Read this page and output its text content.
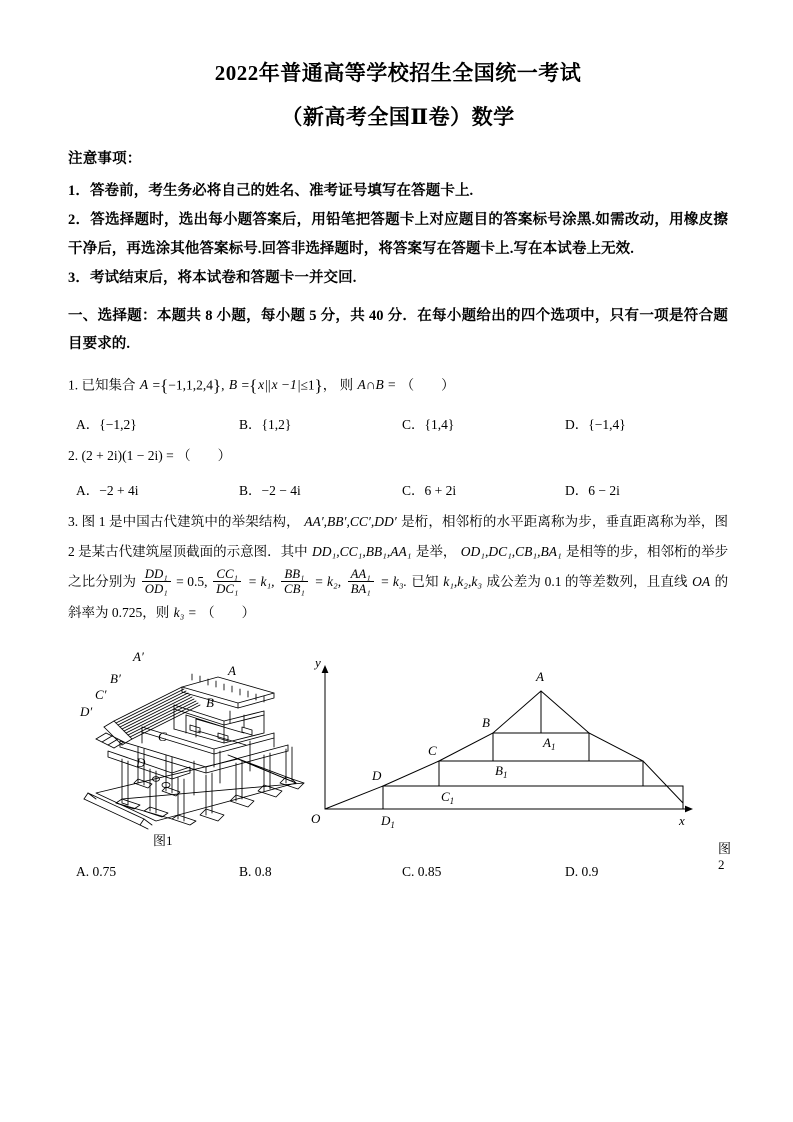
2022年普通高等学校招生全国统一考试
（新高考全国Ⅱ卷）数学
注意事项：
1．答卷前，考生务必将自己的姓名、准考证号填写在答题卡上.
2．答选择题时，选出每小题答案后，用铅笔把答题卡上对应题目的答案标号涂黑.如需改动，用橡皮擦干净后，再选涂其他答案标号.回答非选择题时，将答案写在答题卡上.写在本试卷上无效.
3．考试结束后，将本试卷和答题卡一并交回.
一、选择题：本题共 8 小题，每小题 5 分，共 40 分．在每小题给出的四个选项中，只有一项是符合题目要求的.
1. 已知集合 A ={−1,1,2,4}, B ={x||x −1|≤1}， 则 A∩B = （　　）
A．{−1,2}	B．{1,2}	C．{1,4}	D．{−1,4}
2. (2 + 2i)(1 − 2i) = （　　）
A．−2 + 4i	B．−2 − 4i	C．6 + 2i	D．6 − 2i
3. 图 1 是中国古代建筑中的举架结构， AA′,BB′,CC′,DD′ 是桁，相邻桁的水平距离称为步，垂直距离称为举，图 2 是某古代建筑屋顶截面的示意图．其中 DD₁,CC₁,BB₁,AA₁ 是举， OD₁,DC₁,CB₁,BA₁ 是相等的步，相邻桁的举步之比分别为 $\frac{\text{DD₁}}{\text{OD₁}} = 0.5$, $\frac{\text{CC₁}}{\text{DC₁}} = k_1$, $\frac{\text{BB₁}}{\text{CB₁}} = k_2$, $\frac{\text{AA₁}}{\text{BA₁}} = k_3$. 已知 k₁,k₂,k₃ 成公差为 0.1 的等差数列，且直线 OA 的斜率为 0.725，则 k₃ = （　　）
A′
B′
C′
D′
A
B
C
D
图1
y
x
O
A
B
C
D
$A_1$
$B_1$
$C_1$
$D_1$
图2
A. 0.75	B. 0.8	C. 0.85	D. 0.9
